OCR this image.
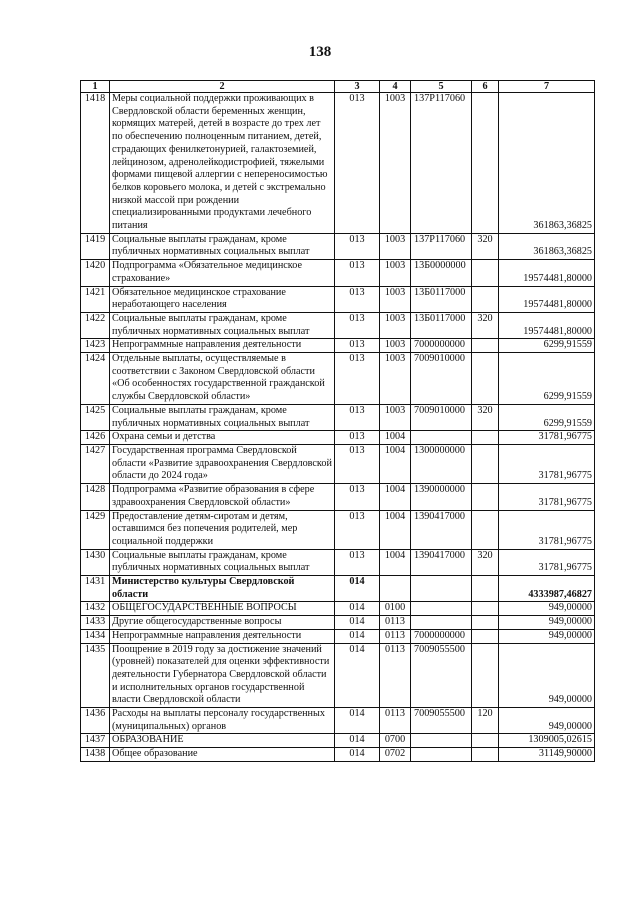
138
1	2	3	4	5	6	7
1418	Меры социальной поддержки проживающих в Свердловской области беременных женщин, кормящих матерей, детей в возрасте до трех лет по обеспечению полноценным питанием, детей, страдающих фенилкетонурией, галактоземией, лейцинозом, адренолейкодистрофией, тяжелыми формами пищевой аллергии с непереносимостью белков коровьего молока, и детей с экстремально низкой массой при рождении специализированными продуктами лечебного питания	013	1003	137P117060		361863,36825
1419	Социальные выплаты гражданам, кроме публичных нормативных социальных выплат	013	1003	137P117060	320	361863,36825
1420	Подпрограмма «Обязательное медицинское страхование»	013	1003	13Б0000000		19574481,80000
1421	Обязательное медицинское страхование неработающего населения	013	1003	13Б0117000		19574481,80000
1422	Социальные выплаты гражданам, кроме публичных нормативных социальных выплат	013	1003	13Б0117000	320	19574481,80000
1423	Непрограммные направления деятельности	013	1003	7000000000		6299,91559
1424	Отдельные выплаты, осуществляемые в соответствии с Законом Свердловской области «Об особенностях государственной гражданской службы Свердловской области»	013	1003	7009010000		6299,91559
1425	Социальные выплаты гражданам, кроме публичных нормативных социальных выплат	013	1003	7009010000	320	6299,91559
1426	Охрана семьи и детства	013	1004			31781,96775
1427	Государственная программа Свердловской области «Развитие здравоохранения Свердловской области до 2024 года»	013	1004	1300000000		31781,96775
1428	Подпрограмма «Развитие образования в сфере здравоохранения Свердловской области»	013	1004	1390000000		31781,96775
1429	Предоставление детям-сиротам и детям, оставшимся без попечения родителей, мер социальной поддержки	013	1004	1390417000		31781,96775
1430	Социальные выплаты гражданам, кроме публичных нормативных социальных выплат	013	1004	1390417000	320	31781,96775
1431	Министерство культуры Свердловской области	014				4333987,46827
1432	ОБЩЕГОСУДАРСТВЕННЫЕ ВОПРОСЫ	014	0100			949,00000
1433	Другие общегосударственные вопросы	014	0113			949,00000
1434	Непрограммные направления деятельности	014	0113	7000000000		949,00000
1435	Поощрение в 2019 году за достижение значений (уровней) показателей для оценки эффективности деятельности Губернатора Свердловской области и исполнительных органов государственной власти Свердловской области	014	0113	7009055500		949,00000
1436	Расходы на выплаты персоналу государственных (муниципальных) органов	014	0113	7009055500	120	949,00000
1437	ОБРАЗОВАНИЕ	014	0700			1309005,02615
1438	Общее образование	014	0702			31149,90000
